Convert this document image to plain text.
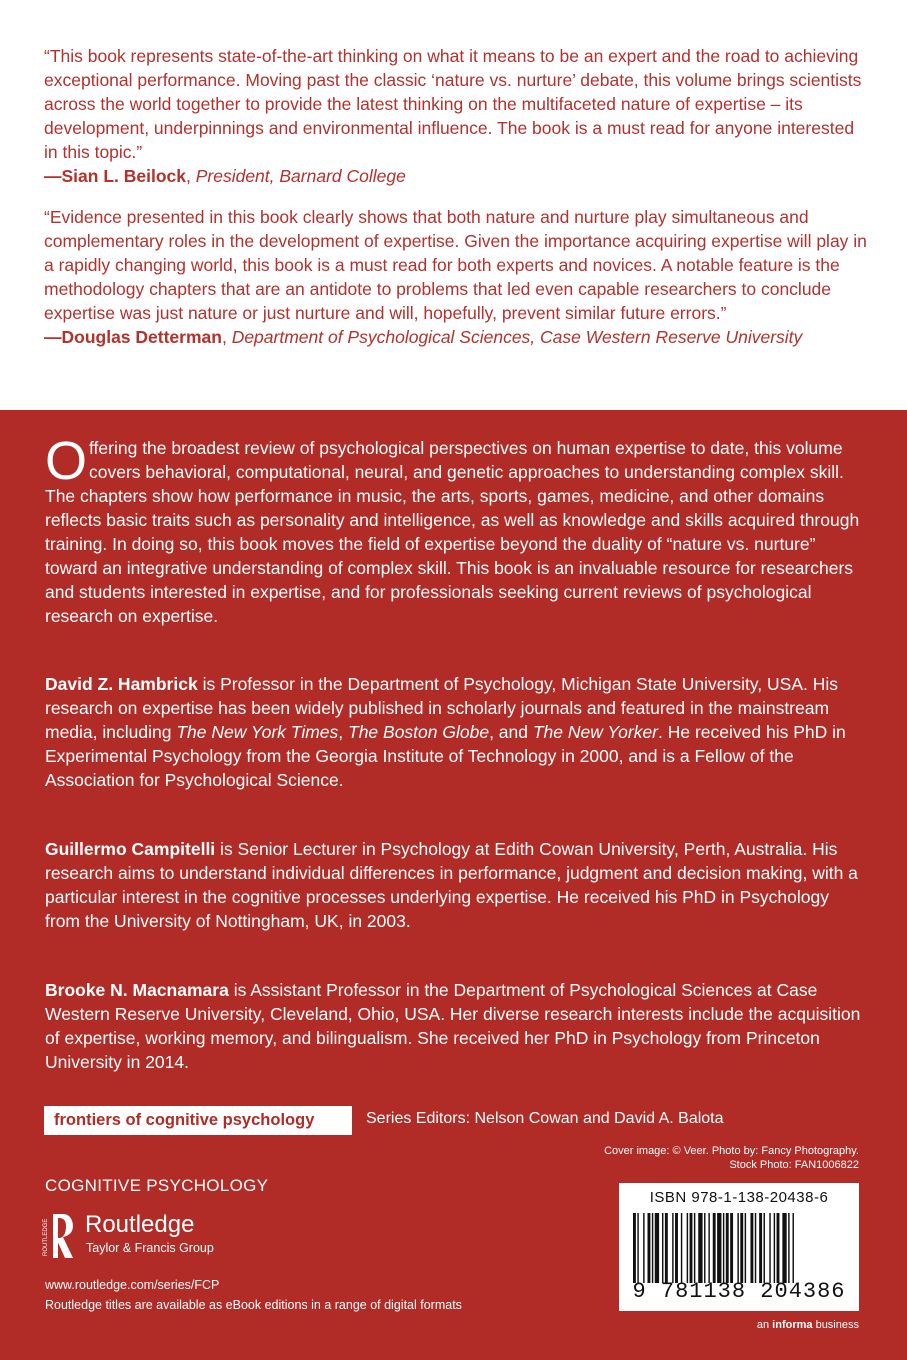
“This book represents state-of-the-art thinking on what it means to be an expert and the road to achieving exceptional performance. Moving past the classic ‘nature vs. nurture’ debate, this volume brings scientists across the world together to provide the latest thinking on the multifaceted nature of expertise – its development, underpinnings and environmental influence. The book is a must read for anyone interested in this topic.”
—Sian L. Beilock, President, Barnard College
“Evidence presented in this book clearly shows that both nature and nurture play simultaneous and complementary roles in the development of expertise. Given the importance acquiring expertise will play in a rapidly changing world, this book is a must read for both experts and novices. A notable feature is the methodology chapters that are an antidote to problems that led even capable researchers to conclude expertise was just nature or just nurture and will, hopefully, prevent similar future errors.”
—Douglas Detterman, Department of Psychological Sciences, Case Western Reserve University
Offering the broadest review of psychological perspectives on human expertise to date, this volume covers behavioral, computational, neural, and genetic approaches to understanding complex skill. The chapters show how performance in music, the arts, sports, games, medicine, and other domains reflects basic traits such as personality and intelligence, as well as knowledge and skills acquired through training. In doing so, this book moves the field of expertise beyond the duality of “nature vs. nurture” toward an integrative understanding of complex skill. This book is an invaluable resource for researchers and students interested in expertise, and for professionals seeking current reviews of psychological research on expertise.
David Z. Hambrick is Professor in the Department of Psychology, Michigan State University, USA. His research on expertise has been widely published in scholarly journals and featured in the mainstream media, including The New York Times, The Boston Globe, and The New Yorker. He received his PhD in Experimental Psychology from the Georgia Institute of Technology in 2000, and is a Fellow of the Association for Psychological Science.
Guillermo Campitelli is Senior Lecturer in Psychology at Edith Cowan University, Perth, Australia. His research aims to understand individual differences in performance, judgment and decision making, with a particular interest in the cognitive processes underlying expertise. He received his PhD in Psychology from the University of Nottingham, UK, in 2003.
Brooke N. Macnamara is Assistant Professor in the Department of Psychological Sciences at Case Western Reserve University, Cleveland, Ohio, USA. Her diverse research interests include the acquisition of expertise, working memory, and bilingualism. She received her PhD in Psychology from Princeton University in 2014.
frontiers of cognitive psychology	Series Editors: Nelson Cowan and David A. Balota
Cover image: © Veer. Photo by: Fancy Photography.
Stock Photo: FAN1006822
COGNITIVE PSYCHOLOGY
ROUTLEDGE Routledge
Taylor & Francis Group
www.routledge.com/series/FCP
Routledge titles are available as eBook editions in a range of digital formats
ISBN 978-1-138-20438-6
9 781138 204386
an informa business
